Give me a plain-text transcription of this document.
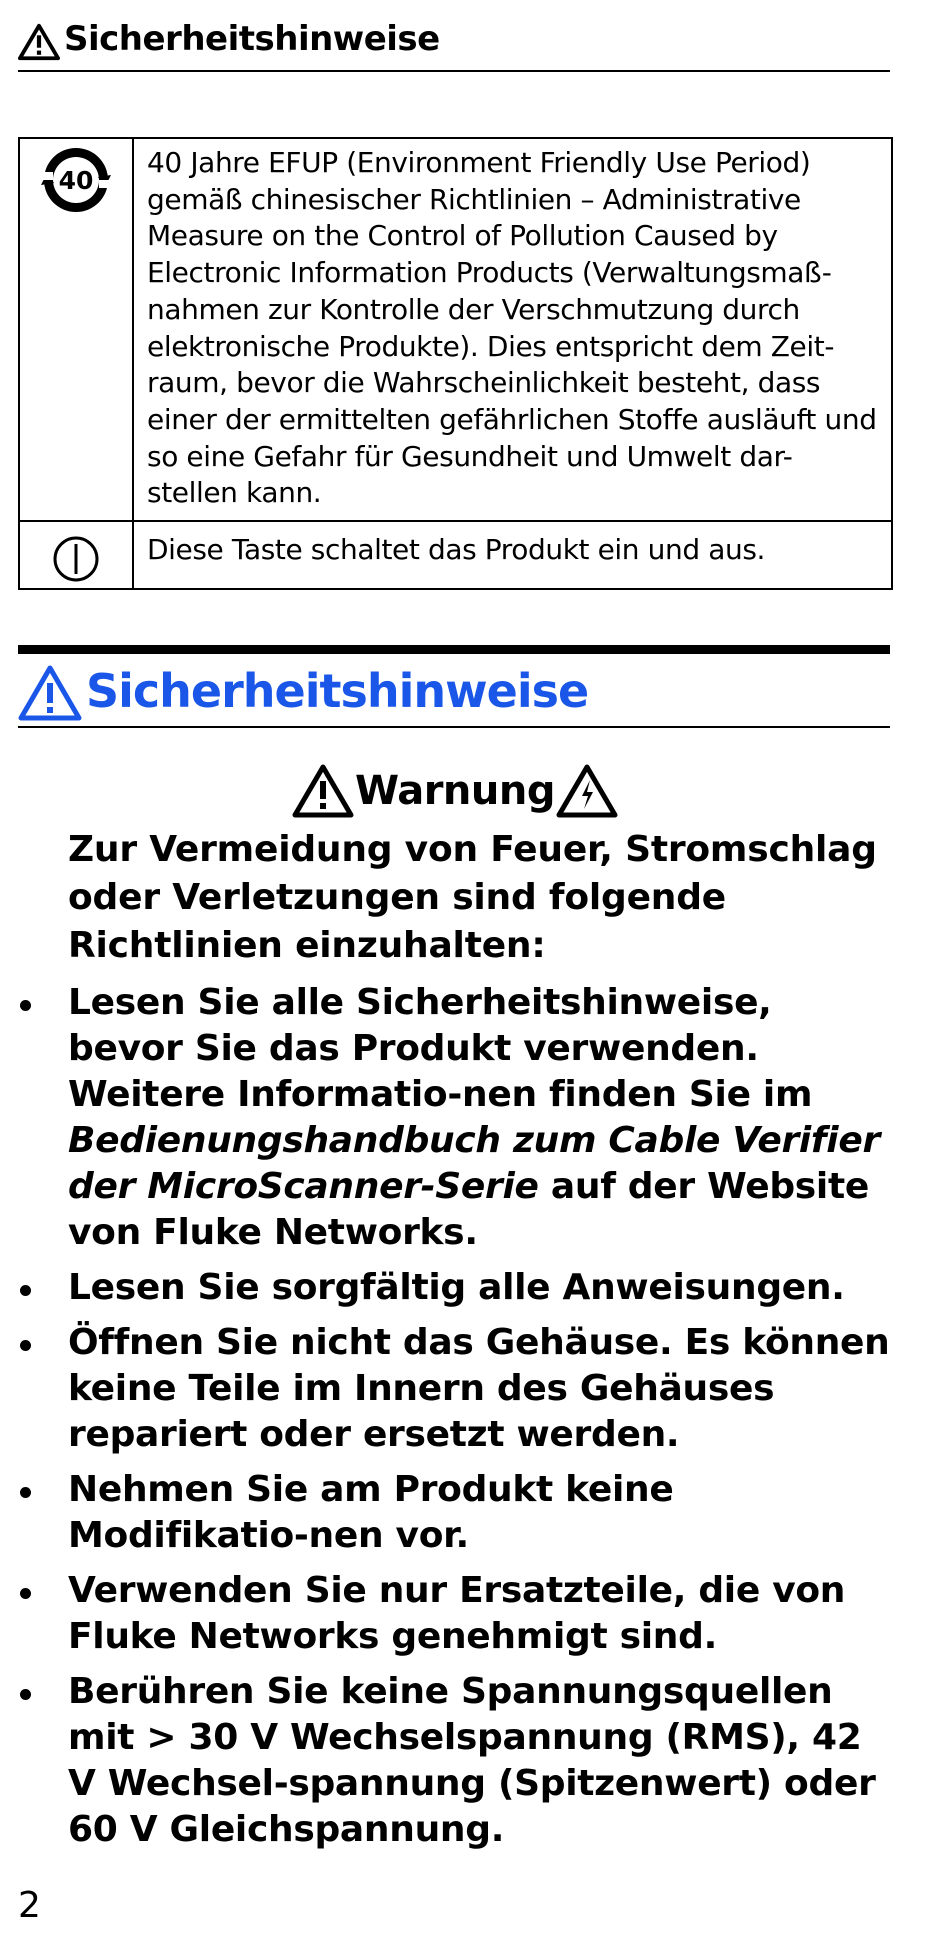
Sicherheitshinweise
40	40 Jahre EFUP (Environment Friendly Use Period) gemäß chinesischer Richtlinien – Administrative Measure on the Control of Pollution Caused by Electronic Information Products (Verwaltungsmaß-nahmen zur Kontrolle der Verschmutzung durch elektronische Produkte). Dies entspricht dem Zeit-raum, bevor die Wahrscheinlichkeit besteht, dass einer der ermittelten gefährlichen Stoffe ausläuft und so eine Gefahr für Gesundheit und Umwelt dar-stellen kann.
	Diese Taste schaltet das Produkt ein und aus.
Sicherheitshinweise
Warnung
Zur Vermeidung von Feuer, Stromschlag oder Verletzungen sind folgende Richtlinien einzuhalten:
Lesen Sie alle Sicherheitshinweise, bevor Sie das Produkt verwenden. Weitere Informatio-nen finden Sie im Bedienungshandbuch zum Cable Verifier der MicroScanner-Serie auf der Website von Fluke Networks.
Lesen Sie sorgfältig alle Anweisungen.
Öffnen Sie nicht das Gehäuse. Es können keine Teile im Innern des Gehäuses repariert oder ersetzt werden.
Nehmen Sie am Produkt keine Modifikatio-nen vor.
Verwenden Sie nur Ersatzteile, die von Fluke Networks genehmigt sind.
Berühren Sie keine Spannungsquellen mit > 30 V Wechselspannung (RMS), 42 V Wechsel-spannung (Spitzenwert) oder 60 V Gleichspannung.
2
